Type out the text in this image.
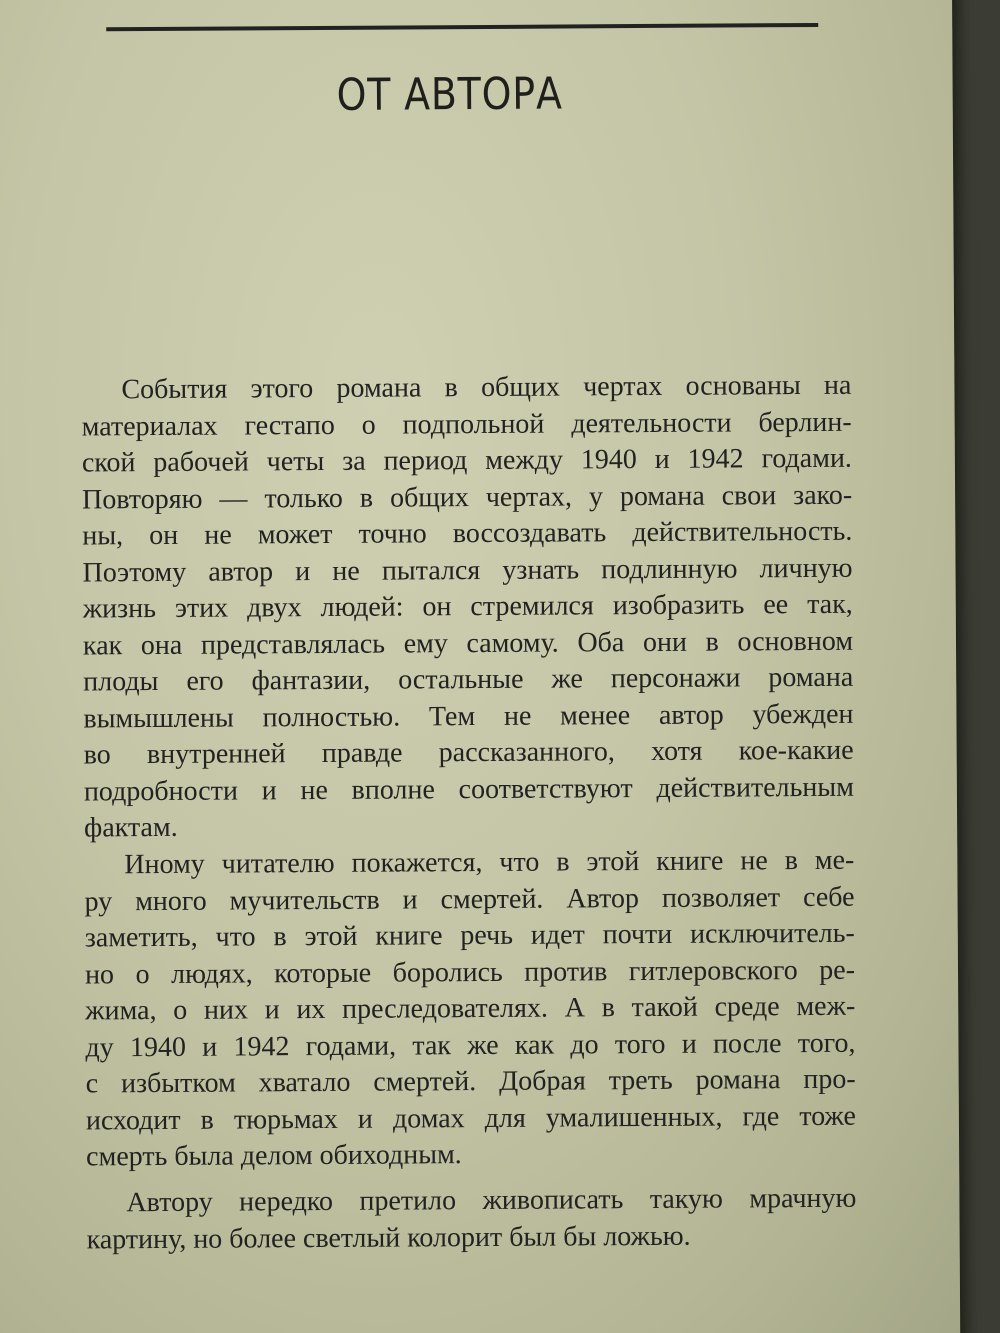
ОТ АВТОРА
События этого романа в общих чертах основаны на
материалах гестапо о подпольной деятельности берлин-
ской рабочей четы за период между 1940 и 1942 годами.
Повторяю — только в общих чертах, у романа свои зако-
ны, он не может точно воссоздавать действительность.
Поэтому автор и не пытался узнать подлинную личную
жизнь этих двух людей: он стремился изобразить ее так,
как она представлялась ему самому. Оба они в основном
плоды его фантазии, остальные же персонажи романа
вымышлены полностью. Тем не менее автор убежден
во внутренней правде рассказанного, хотя кое-какие
подробности и не вполне соответствуют действительным
фактам.
Иному читателю покажется, что в этой книге не в ме-
ру много мучительств и смертей. Автор позволяет себе
заметить, что в этой книге речь идет почти исключитель-
но о людях, которые боролись против гитлеровского ре-
жима, о них и их преследователях. А в такой среде меж-
ду 1940 и 1942 годами, так же как до того и после того,
с избытком хватало смертей. Добрая треть романа про-
исходит в тюрьмах и домах для умалишенных, где тоже
смерть была делом обиходным.
Автору нередко претило живописать такую мрачную
картину, но более светлый колорит был бы ложью.
